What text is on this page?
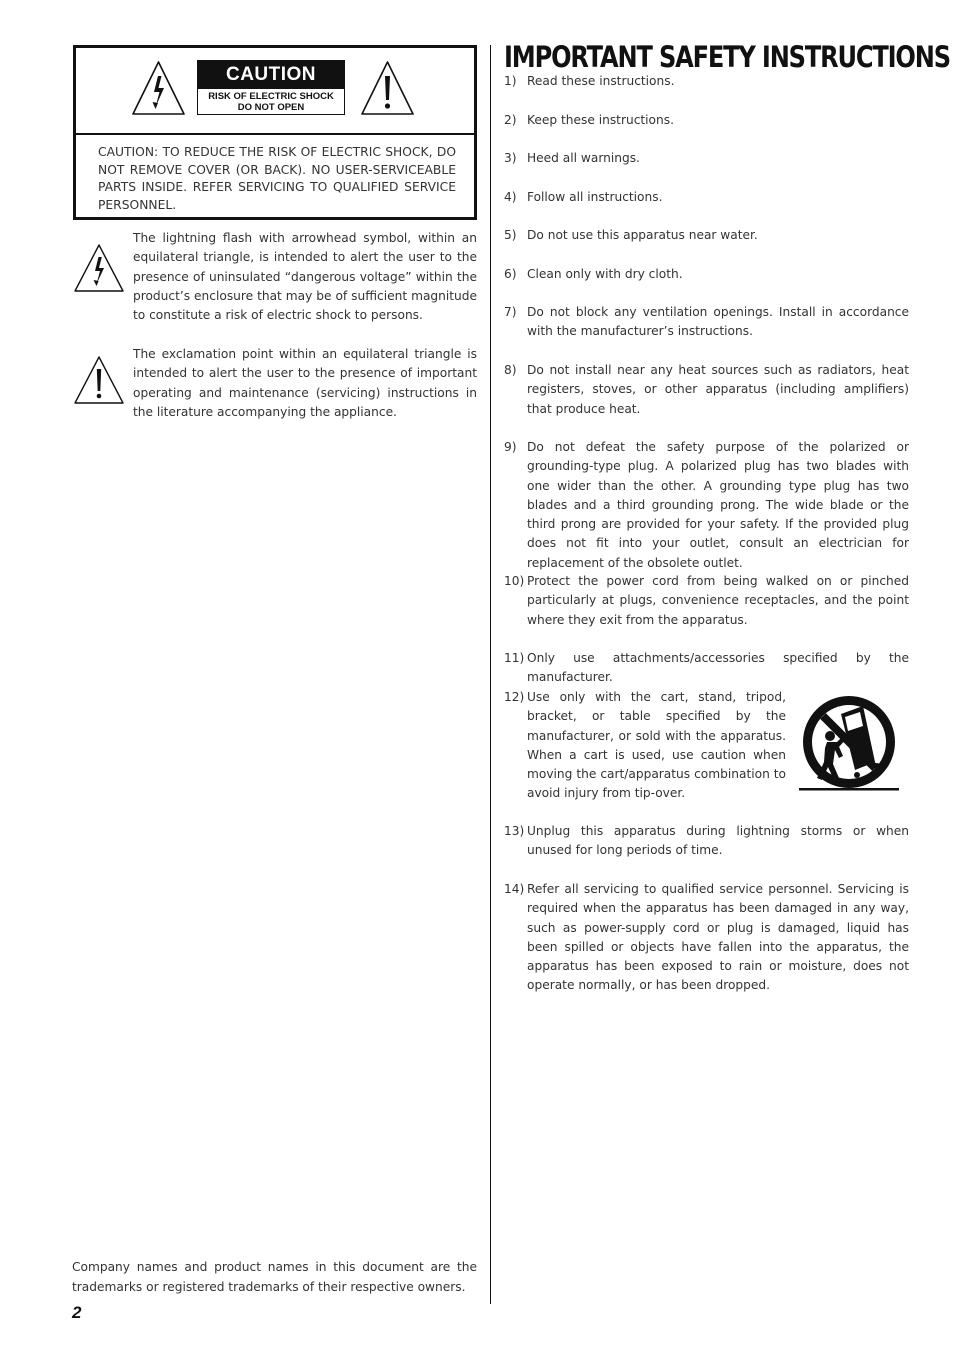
CAUTION
RISK OF ELECTRIC SHOCK
DO NOT OPEN
CAUTION: TO REDUCE THE RISK OF ELECTRIC SHOCK, DO NOT REMOVE COVER (OR BACK). NO USER-SERVICEABLE PARTS INSIDE. REFER SERVICING TO QUALIFIED SERVICE PERSONNEL.
The lightning flash with arrowhead symbol, within an equilateral triangle, is intended to alert the user to the presence of uninsulated “dangerous voltage” within the product’s enclosure that may be of sufficient magnitude to constitute a risk of electric shock to persons.
The exclamation point within an equilateral triangle is intended to alert the user to the presence of important operating and maintenance (servicing) instructions in the literature accompanying the appliance.
Company names and product names in this document are the trademarks or registered trademarks of their respective owners.
2
IMPORTANT SAFETY INSTRUCTIONS
1) Read these instructions.
2) Keep these instructions.
3) Heed all warnings.
4) Follow all instructions.
5) Do not use this apparatus near water.
6) Clean only with dry cloth.
7) Do not block any ventilation openings. Install in accordance with the manufacturer’s instructions.
8) Do not install near any heat sources such as radiators, heat registers, stoves, or other apparatus (including amplifiers) that produce heat.
9) Do not defeat the safety purpose of the polarized or grounding-type plug. A polarized plug has two blades with one wider than the other. A grounding type plug has two blades and a third grounding prong. The wide blade or the third prong are provided for your safety. If the provided plug does not fit into your outlet, consult an electrician for replacement of the obsolete outlet.
10) Protect the power cord from being walked on or pinched particularly at plugs, convenience receptacles, and the point where they exit from the apparatus.
11) Only use attachments/accessories specified by the manufacturer.
12) Use only with the cart, stand, tripod, bracket, or table specified by the manufacturer, or sold with the apparatus. When a cart is used, use caution when moving the cart/apparatus combination to avoid injury from tip-over.
13) Unplug this apparatus during lightning storms or when unused for long periods of time.
14) Refer all servicing to qualified service personnel. Servicing is required when the apparatus has been damaged in any way, such as power-supply cord or plug is damaged, liquid has been spilled or objects have fallen into the apparatus, the apparatus has been exposed to rain or moisture, does not operate normally, or has been dropped.
